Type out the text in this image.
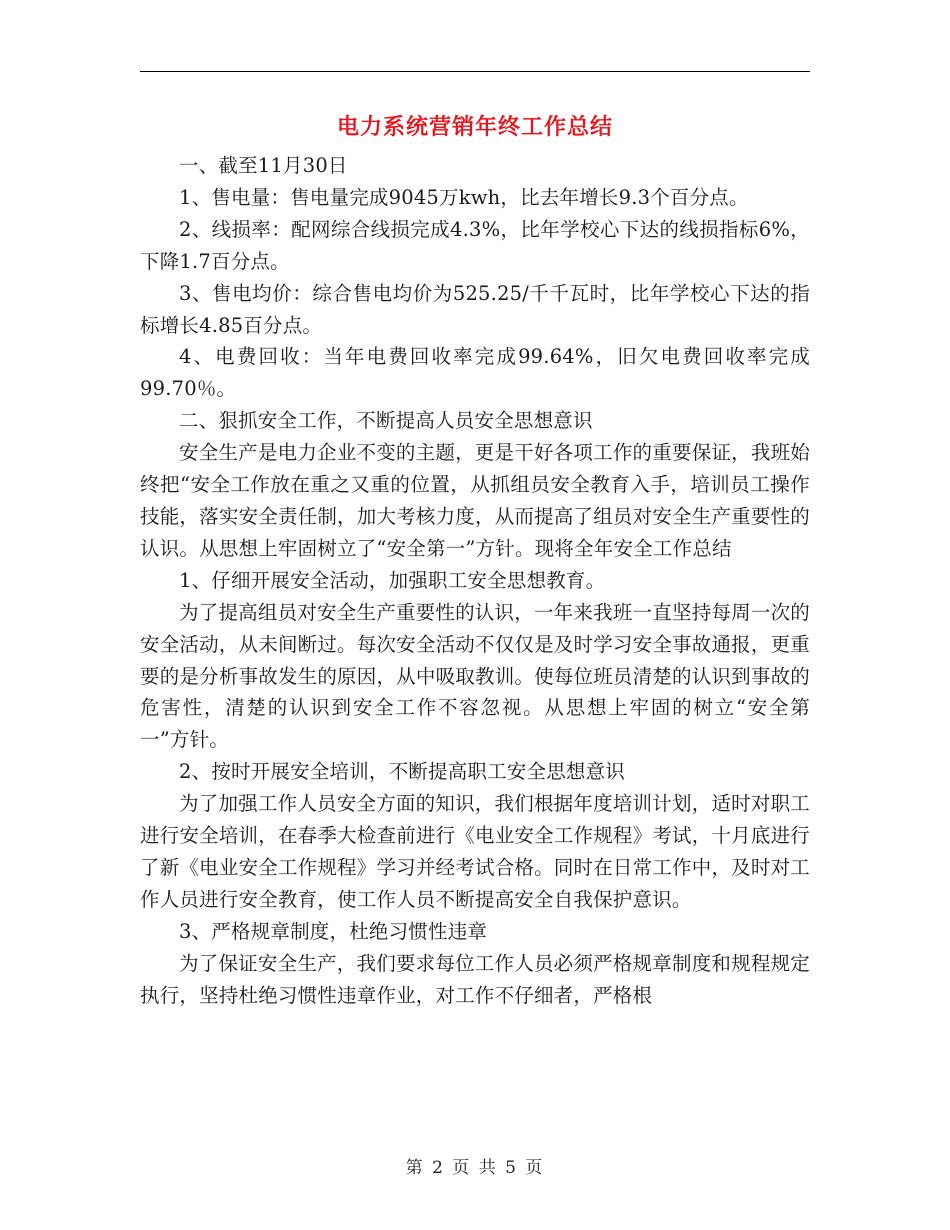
电力系统营销年终工作总结

一、截至11月30日

1、售电量：售电量完成9045万kwh，比去年增长9.3个百分点。

2、线损率：配网综合线损完成4.3%，比年学校心下达的线损指标6%，下降1.7百分点。

3、售电均价：综合售电均价为525.25/千千瓦时，比年学校心下达的指标增长4.85百分点。

4、电费回收：当年电费回收率完成99.64%，旧欠电费回收率完成99.70％。

二、狠抓安全工作，不断提高人员安全思想意识

安全生产是电力企业不变的主题，更是干好各项工作的重要保证，我班始终把“安全工作放在重之又重的位置，从抓组员安全教育入手，培训员工操作技能，落实安全责任制，加大考核力度，从而提高了组员对安全生产重要性的认识。从思想上牢固树立了“安全第一”方针。现将全年安全工作总结

1、仔细开展安全活动，加强职工安全思想教育。

为了提高组员对安全生产重要性的认识，一年来我班一直坚持每周一次的安全活动，从未间断过。每次安全活动不仅仅是及时学习安全事故通报，更重要的是分析事故发生的原因，从中吸取教训。使每位班员清楚的认识到事故的危害性，清楚的认识到安全工作不容忽视。从思想上牢固的树立“安全第一”方针。

2、按时开展安全培训，不断提高职工安全思想意识

为了加强工作人员安全方面的知识，我们根据年度培训计划，适时对职工进行安全培训，在春季大检查前进行《电业安全工作规程》考试，十月底进行了新《电业安全工作规程》学习并经考试合格。同时在日常工作中，及时对工作人员进行安全教育，使工作人员不断提高安全自我保护意识。

3、严格规章制度，杜绝习惯性违章

为了保证安全生产，我们要求每位工作人员必须严格规章制度和规程规定执行，坚持杜绝习惯性违章作业，对工作不仔细者，严格根

第 2 页 共 5 页
